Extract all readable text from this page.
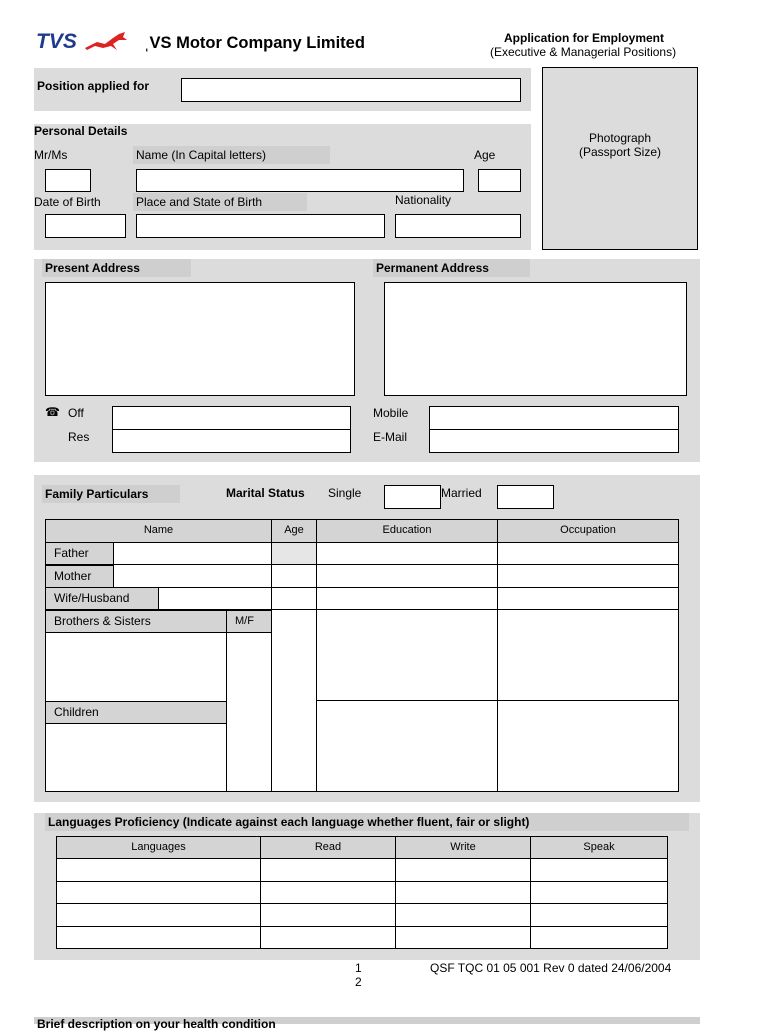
TVS	ˌVS Motor Company Limited	Application for Employment
(Executive & Managerial Positions)
Position applied for
Photograph
(Passport Size)
Personal Details
Mr/Ms	Name (In Capital letters)	Age
Date of Birth	Place and State of Birth	Nationality
Present Address	Permanent Address
☎ Off
Res
Mobile
E-Mail
Family Particulars	Marital Status Single	Married
Name	Age	Education	Occupation
Father
Mother
Wife/Husband
Brothers & Sisters	M/F
Children
Languages Proficiency (Indicate against each language whether fluent, fair or slight)
Languages	Read	Write	Speak
1
2
QSF TQC 01 05 001 Rev 0 dated 24/06/2004
Brief description on your health condition
